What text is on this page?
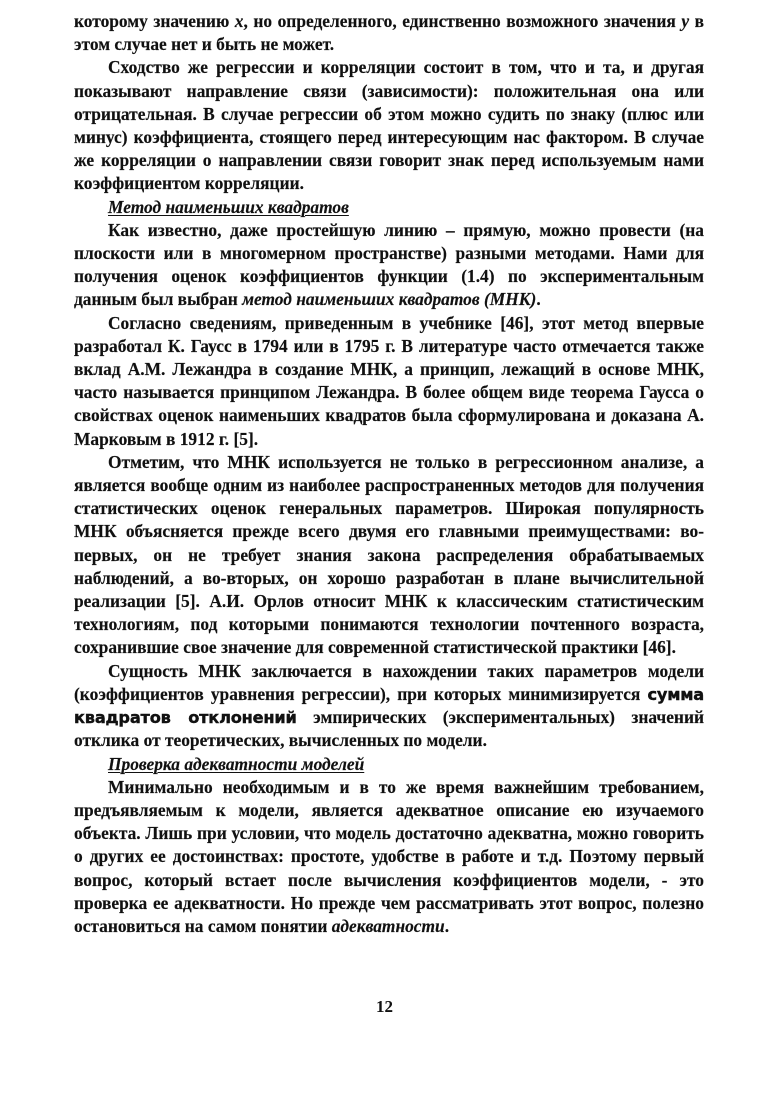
которому значению x, но определенного, единственно возможного значения y в этом случае нет и быть не может.

Сходство же регрессии и корреляции состоит в том, что и та, и другая показывают направление связи (зависимости): положительная она или отрицательная. В случае регрессии об этом можно судить по знаку (плюс или минус) коэффициента, стоящего перед интересующим нас фактором. В случае же корреляции о направлении связи говорит знак перед используемым нами коэффициентом корреляции.

Метод наименьших квадратов

Как известно, даже простейшую линию – прямую, можно провести (на плоскости или в многомерном пространстве) разными методами. Нами для получения оценок коэффициентов функции (1.4) по экспериментальным данным был выбран метод наименьших квадратов (МНК).

Согласно сведениям, приведенным в учебнике [46], этот метод впервые разработал К. Гаусс в 1794 или в 1795 г. В литературе часто отмечается также вклад А.М. Лежандра в создание МНК, а принцип, лежащий в основе МНК, часто называется принципом Лежандра. В более общем виде теорема Гаусса о свойствах оценок наименьших квадратов была сформулирована и доказана А. Марковым в 1912 г. [5].

Отметим, что МНК используется не только в регрессионном анализе, а является вообще одним из наиболее распространенных методов для получения статистических оценок генеральных параметров. Широкая популярность МНК объясняется прежде всего двумя его главными преимуществами: во-первых, он не требует знания закона распределения обрабатываемых наблюдений, а во-вторых, он хорошо разработан в плане вычислительной реализации [5]. А.И. Орлов относит МНК к классическим статистическим технологиям, под которыми понимаются технологии почтенного возраста, сохранившие свое значение для современной статистической практики [46].

Сущность МНК заключается в нахождении таких параметров модели (коэффициентов уравнения регрессии), при которых минимизируется сумма квадратов отклонений эмпирических (экспериментальных) значений отклика от теоретических, вычисленных по модели.

Проверка адекватности моделей

Минимально необходимым и в то же время важнейшим требованием, предъявляемым к модели, является адекватное описание ею изучаемого объекта. Лишь при условии, что модель достаточно адекватна, можно говорить о других ее достоинствах: простоте, удобстве в работе и т.д. Поэтому первый вопрос, который встает после вычисления коэффициентов модели, - это проверка ее адекватности. Но прежде чем рассматривать этот вопрос, полезно остановиться на самом понятии адекватности.

12
